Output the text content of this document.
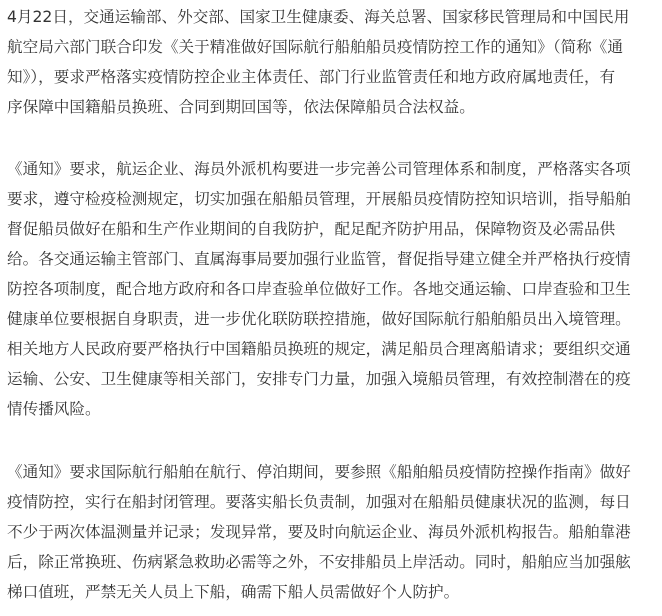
4月22日，交通运输部、外交部、国家卫生健康委、海关总署、国家移民管理局和中国民用
航空局六部门联合印发《关于精准做好国际航行船舶船员疫情防控工作的通知》（简称《通
知》），要求严格落实疫情防控企业主体责任、部门行业监管责任和地方政府属地责任，有
序保障中国籍船员换班、合同到期回国等，依法保障船员合法权益。

《通知》要求，航运企业、海员外派机构要进一步完善公司管理体系和制度，严格落实各项
要求，遵守检疫检测规定，切实加强在船船员管理，开展船员疫情防控知识培训，指导船舶
督促船员做好在船和生产作业期间的自我防护，配足配齐防护用品，保障物资及必需品供
给。各交通运输主管部门、直属海事局要加强行业监管，督促指导建立健全并严格执行疫情
防控各项制度，配合地方政府和各口岸查验单位做好工作。各地交通运输、口岸查验和卫生
健康单位要根据自身职责，进一步优化联防联控措施，做好国际航行船舶船员出入境管理。
相关地方人民政府要严格执行中国籍船员换班的规定，满足船员合理离船请求；要组织交通
运输、公安、卫生健康等相关部门，安排专门力量，加强入境船员管理，有效控制潜在的疫
情传播风险。

《通知》要求国际航行船舶在航行、停泊期间，要参照《船舶船员疫情防控操作指南》做好
疫情防控，实行在船封闭管理。要落实船长负责制，加强对在船船员健康状况的监测，每日
不少于两次体温测量并记录；发现异常，要及时向航运企业、海员外派机构报告。船舶靠港
后，除正常换班、伤病紧急救助必需等之外，不安排船员上岸活动。同时，船舶应当加强舷
梯口值班，严禁无关人员上下船，确需下船人员需做好个人防护。
